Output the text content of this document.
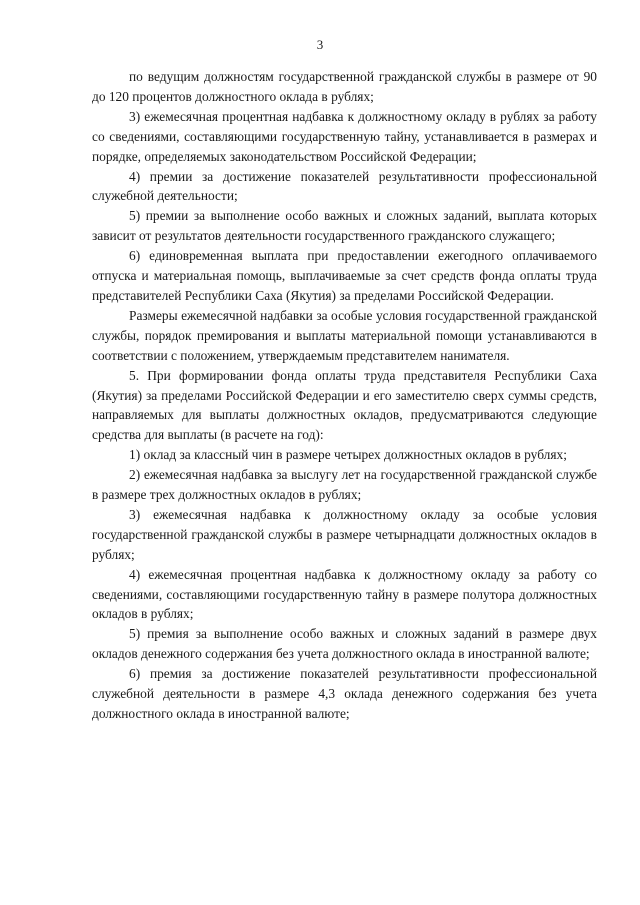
3

по ведущим должностям государственной гражданской службы в размере от 90 до 120 процентов должностного оклада в рублях;

3) ежемесячная процентная надбавка к должностному окладу в рублях за работу со сведениями, составляющими государственную тайну, устанавливается в размерах и порядке, определяемых законодательством Российской Федерации;

4) премии за достижение показателей результативности профессиональной служебной деятельности;

5) премии за выполнение особо важных и сложных заданий, выплата которых зависит от результатов деятельности государственного гражданского служащего;

6) единовременная выплата при предоставлении ежегодного оплачиваемого отпуска и материальная помощь, выплачиваемые за счет средств фонда оплаты труда представителей Республики Саха (Якутия) за пределами Российской Федерации.

Размеры ежемесячной надбавки за особые условия государственной гражданской службы, порядок премирования и выплаты материальной помощи устанавливаются в соответствии с положением, утверждаемым представителем нанимателя.

5. При формировании фонда оплаты труда представителя Республики Саха (Якутия) за пределами Российской Федерации и его заместителю сверх суммы средств, направляемых для выплаты должностных окладов, предусматриваются следующие средства для выплаты (в расчете на год):

1) оклад за классный чин в размере четырех должностных окладов в рублях;

2) ежемесячная надбавка за выслугу лет на государственной гражданской службе в размере трех должностных окладов в рублях;

3) ежемесячная надбавка к должностному окладу за особые условия государственной гражданской службы в размере четырнадцати должностных окладов в рублях;

4) ежемесячная процентная надбавка к должностному окладу за работу со сведениями, составляющими государственную тайну в размере полутора должностных окладов в рублях;

5) премия за выполнение особо важных и сложных заданий в размере двух окладов денежного содержания без учета должностного оклада в иностранной валюте;

6) премия за достижение показателей результативности профессиональной служебной деятельности в размере 4,3 оклада денежного содержания без учета должностного оклада в иностранной валюте;
